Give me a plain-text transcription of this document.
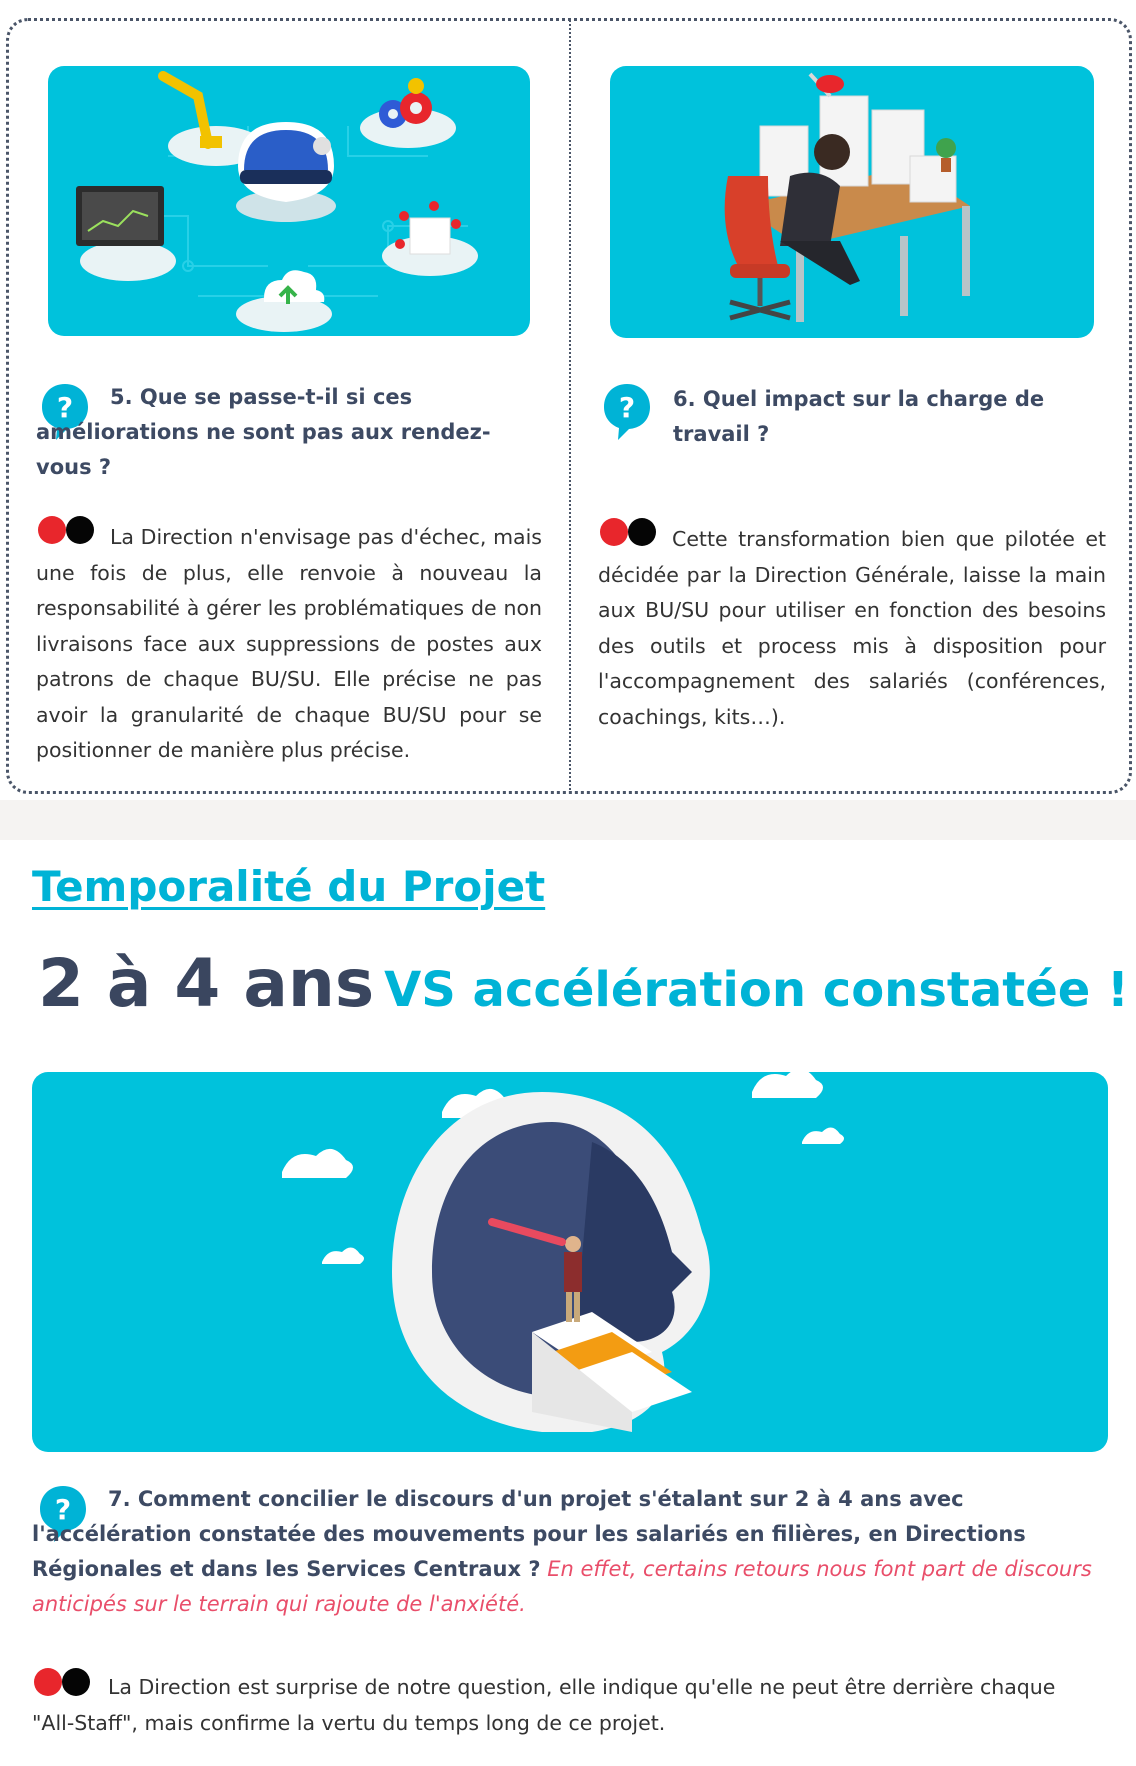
?	5. Que se passe-t-il si ces améliorations ne sont pas aux rendez-vous ?
La Direction n'envisage pas d'échec, mais une fois de plus, elle renvoie à nouveau la responsabilité à gérer les problématiques de non livraisons face aux suppressions de postes aux patrons de chaque BU/SU. Elle précise ne pas avoir la granularité de chaque BU/SU pour se positionner de manière plus précise.
? 6. Quel impact sur la charge de travail ?
Cette transformation bien que pilotée et décidée par la Direction Générale, laisse la main aux BU/SU pour utiliser en fonction des besoins des outils et process mis à disposition pour l'accompagnement des salariés (conférences, coachings, kits…).
Temporalité du Projet
2 à 4 ans VS accélération constatée !
?	7. Comment concilier le discours d'un projet s'étalant sur 2 à 4 ans avec l'accélération constatée des mouvements pour les salariés en filières, en Directions Régionales et dans les Services Centraux ? En effet, certains retours nous font part de discours anticipés sur le terrain qui rajoute de l'anxiété.
La Direction est surprise de notre question, elle indique qu'elle ne peut être derrière chaque "All-Staff", mais confirme la vertu du temps long de ce projet.
